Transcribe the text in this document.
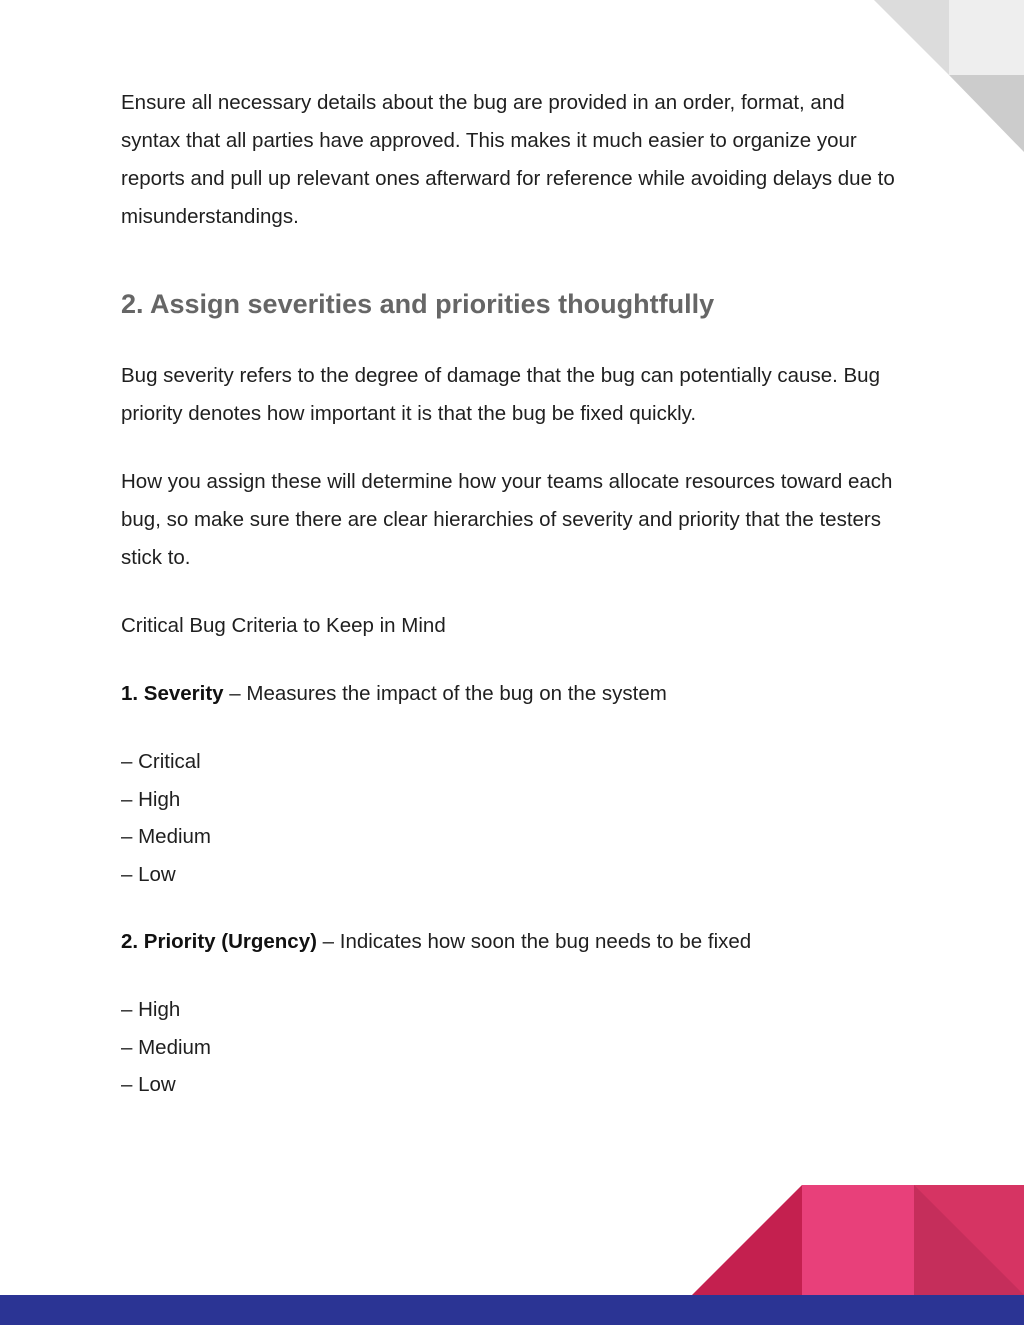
Ensure all necessary details about the bug are provided in an order, format, and syntax that all parties have approved. This makes it much easier to organize your reports and pull up relevant ones afterward for reference while avoiding delays due to misunderstandings.

2. Assign severities and priorities thoughtfully

Bug severity refers to the degree of damage that the bug can potentially cause. Bug priority denotes how important it is that the bug be fixed quickly.

How you assign these will determine how your teams allocate resources toward each bug, so make sure there are clear hierarchies of severity and priority that the testers stick to.

Critical Bug Criteria to Keep in Mind

1. Severity – Measures the impact of the bug on the system

– Critical
– High
– Medium
– Low

2. Priority (Urgency) – Indicates how soon the bug needs to be fixed

– High
– Medium
– Low
